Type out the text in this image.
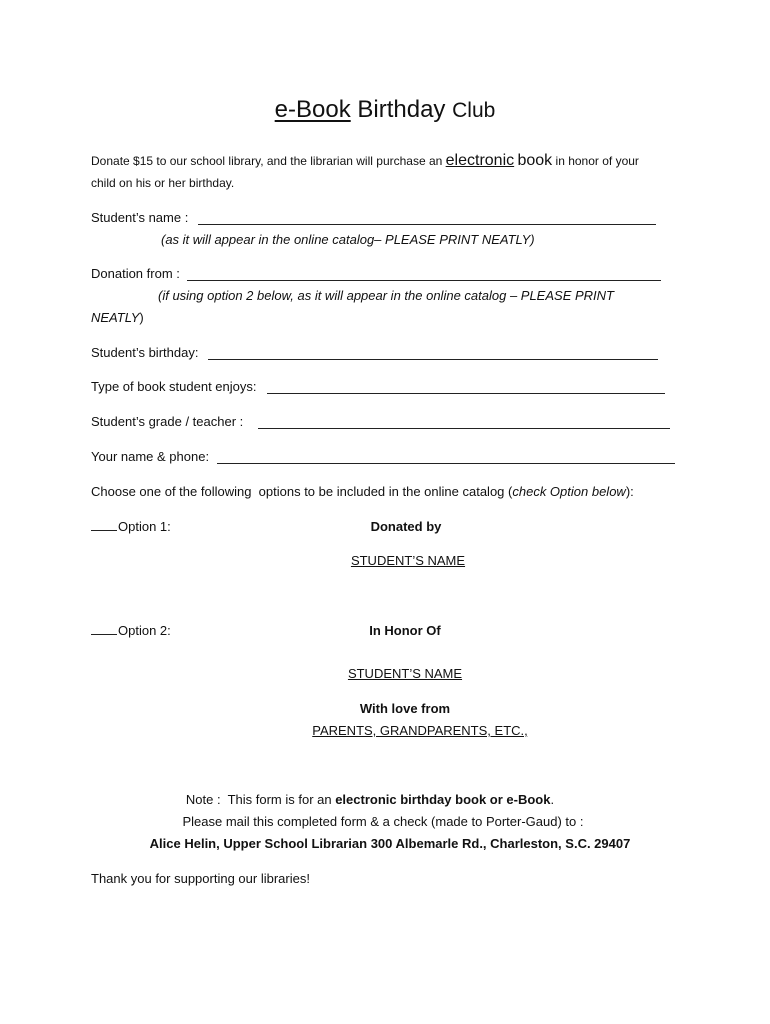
e-Book Birthday Club
Donate $15 to our school library, and the librarian will purchase an electronic book in honor of your
child on his or her birthday.
Student’s name :
(as it will appear in the online catalog– PLEASE PRINT NEATLY)
Donation from :
(if using option 2 below, as it will appear in the online catalog – PLEASE PRINT
NEATLY)
Student’s birthday:
Type of book student enjoys:
Student’s grade / teacher :
Your name & phone:
Choose one of the following  options to be included in the online catalog (check Option below):
Option 1:	Donated by
STUDENT’S NAME
Option 2:	In Honor Of
STUDENT’S NAME
With love from
PARENTS, GRANDPARENTS, ETC.,
Note :  This form is for an electronic birthday book or e-Book.
Please mail this completed form & a check (made to Porter-Gaud) to :
Alice Helin, Upper School Librarian 300 Albemarle Rd., Charleston, S.C. 29407
Thank you for supporting our libraries!
